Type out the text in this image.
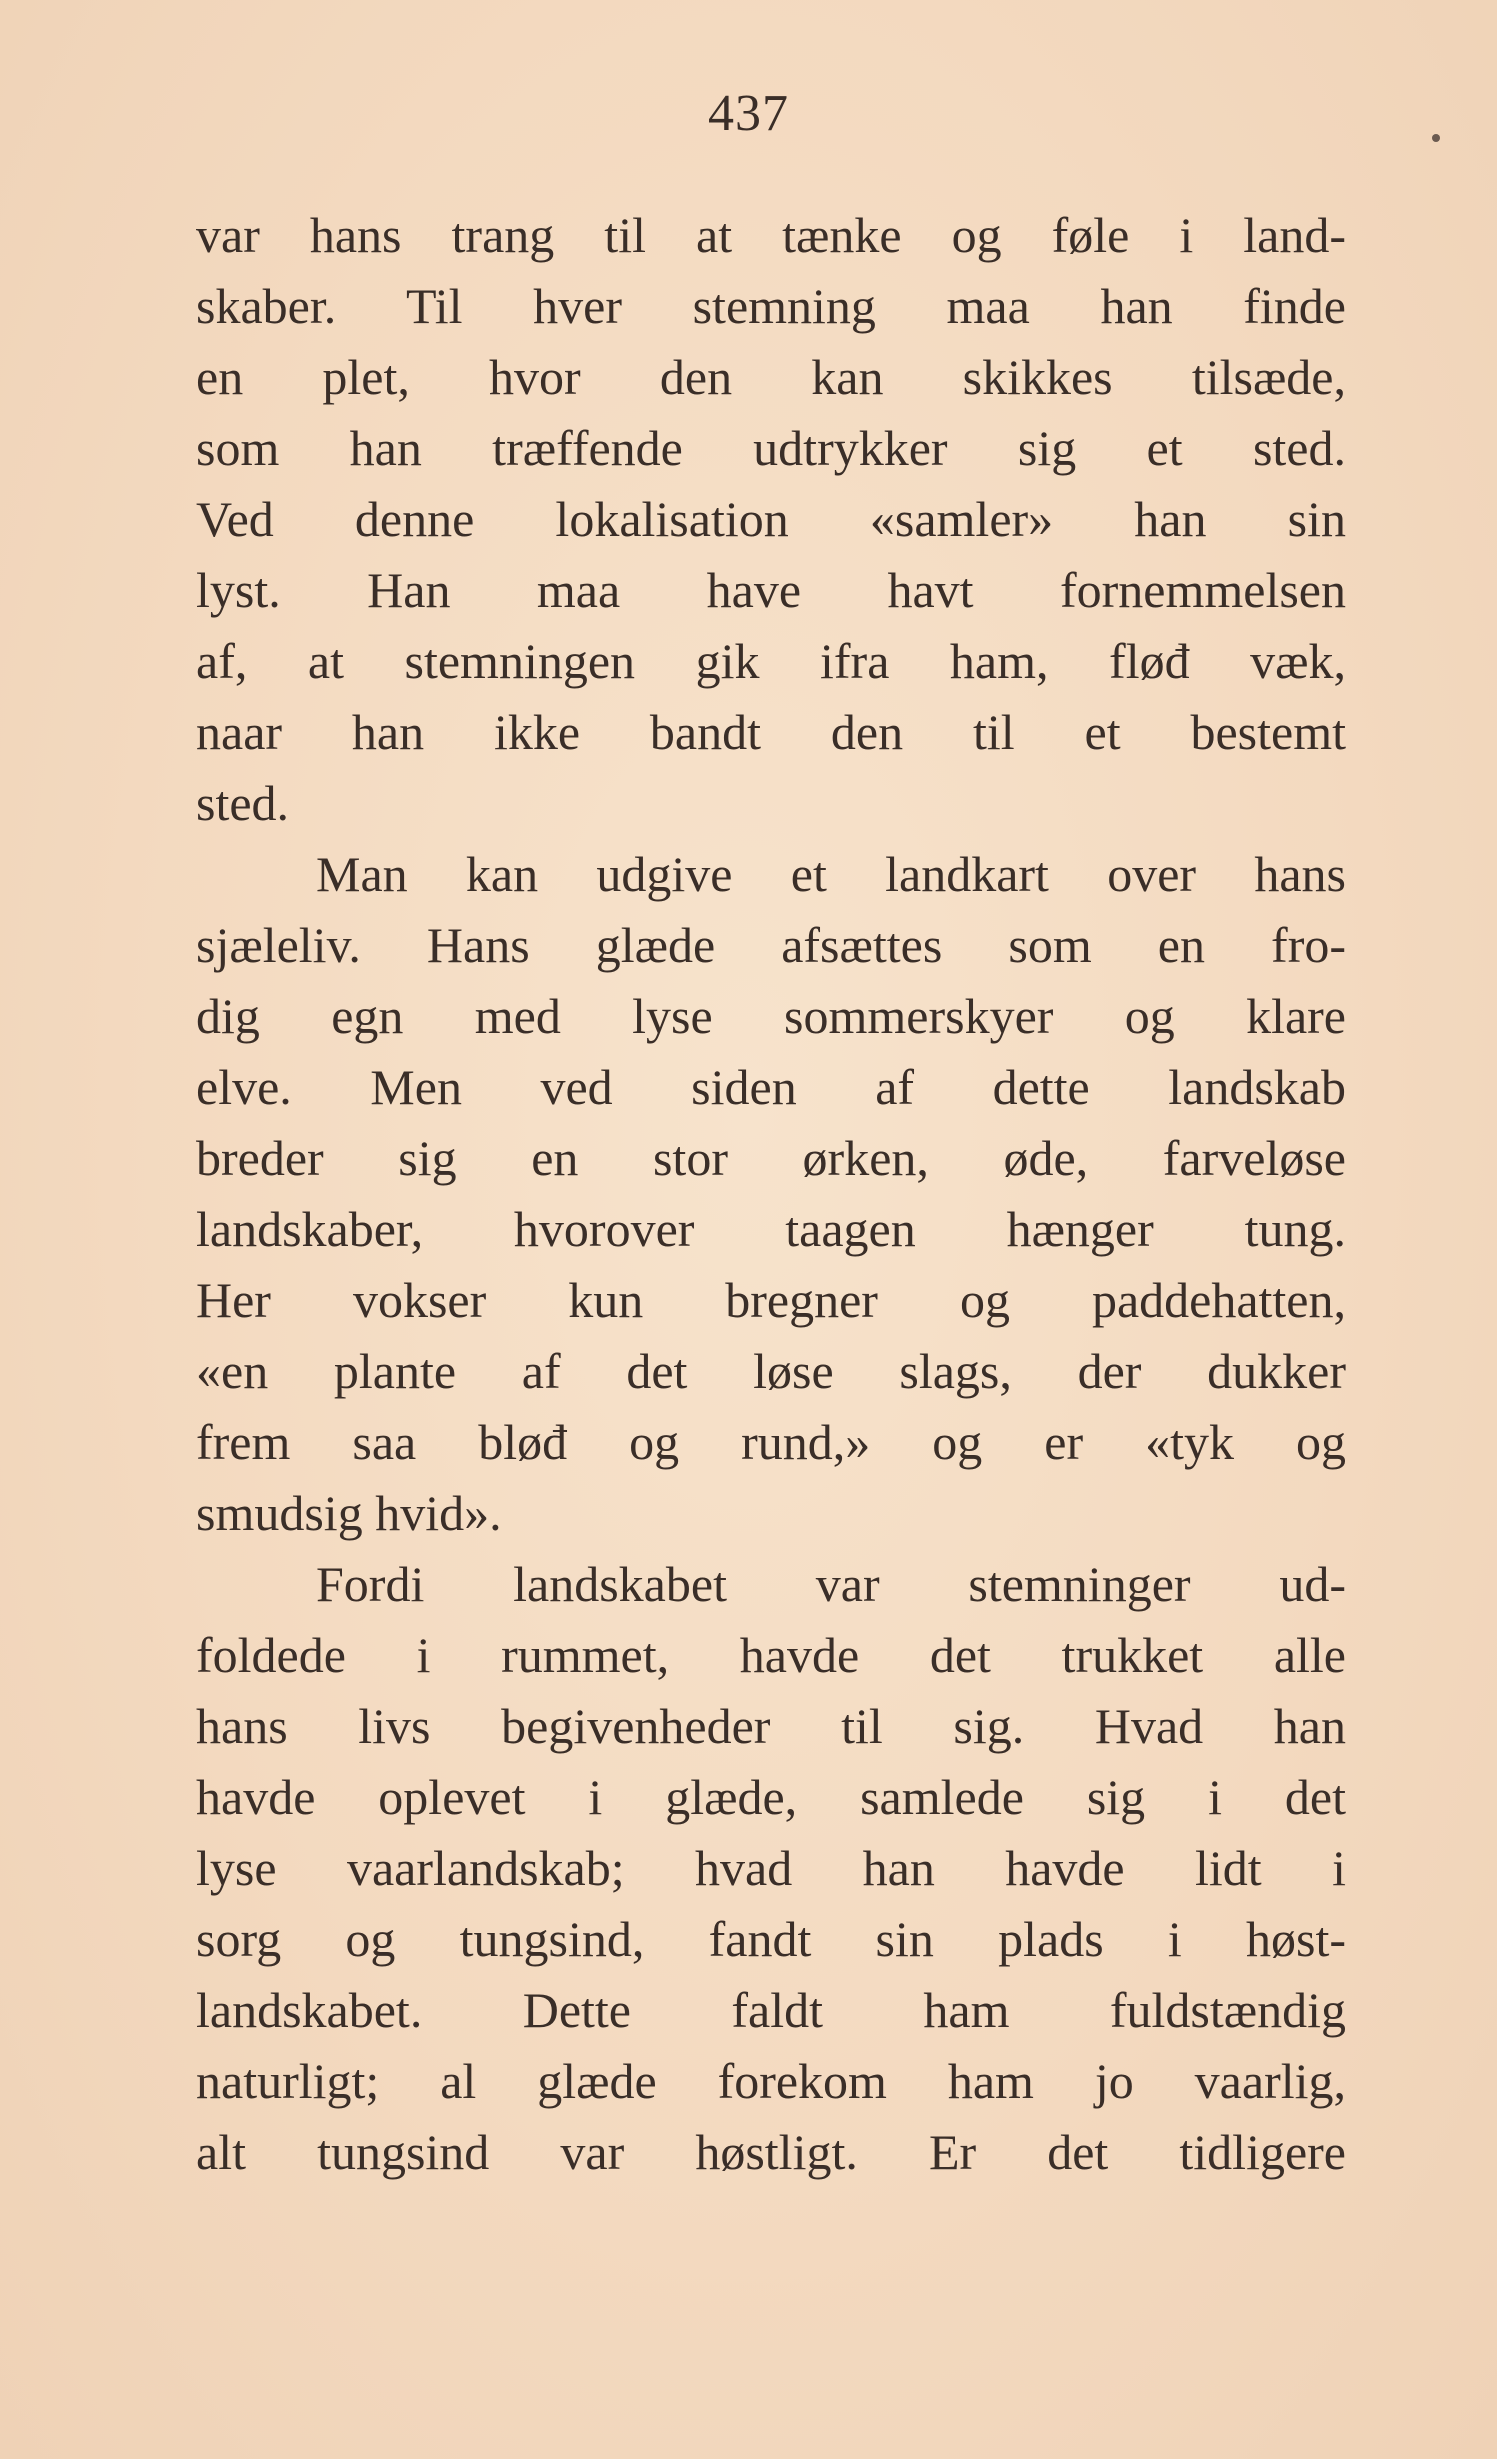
437
var hans trang til at tænke og føle i land-
skaber. Til hver stemning maa han finde
en plet, hvor den kan skikkes tilsæde,
som han træffende udtrykker sig et sted.
Ved denne lokalisation «samler» han sin
lyst. Han maa have havt fornemmelsen
af, at stemningen gik ifra ham, fløđ væk,
naar han ikke bandt den til et bestemt
sted.
Man kan udgive et landkart over hans
sjæleliv. Hans glæde afsættes som en fro-
dig egn med lyse sommerskyer og klare
elve. Men ved siden af dette landskab
breder sig en stor ørken, øde, farveløse
landskaber, hvorover taagen hænger tung.
Her vokser kun bregner og paddehatten,
«en plante af det løse slags, der dukker
frem saa bløđ og rund,» og er «tyk og
smudsig hvid».
Fordi landskabet var stemninger ud-
foldede i rummet, havde det trukket alle
hans livs begivenheder til sig. Hvad han
havde oplevet i glæde, samlede sig i det
lyse vaarlandskab; hvad han havde lidt i
sorg og tungsind, fandt sin plads i høst-
landskabet. Dette faldt ham fuldstændig
naturligt; al glæde forekom ham jo vaarlig,
alt tungsind var høstligt. Er det tidligere
